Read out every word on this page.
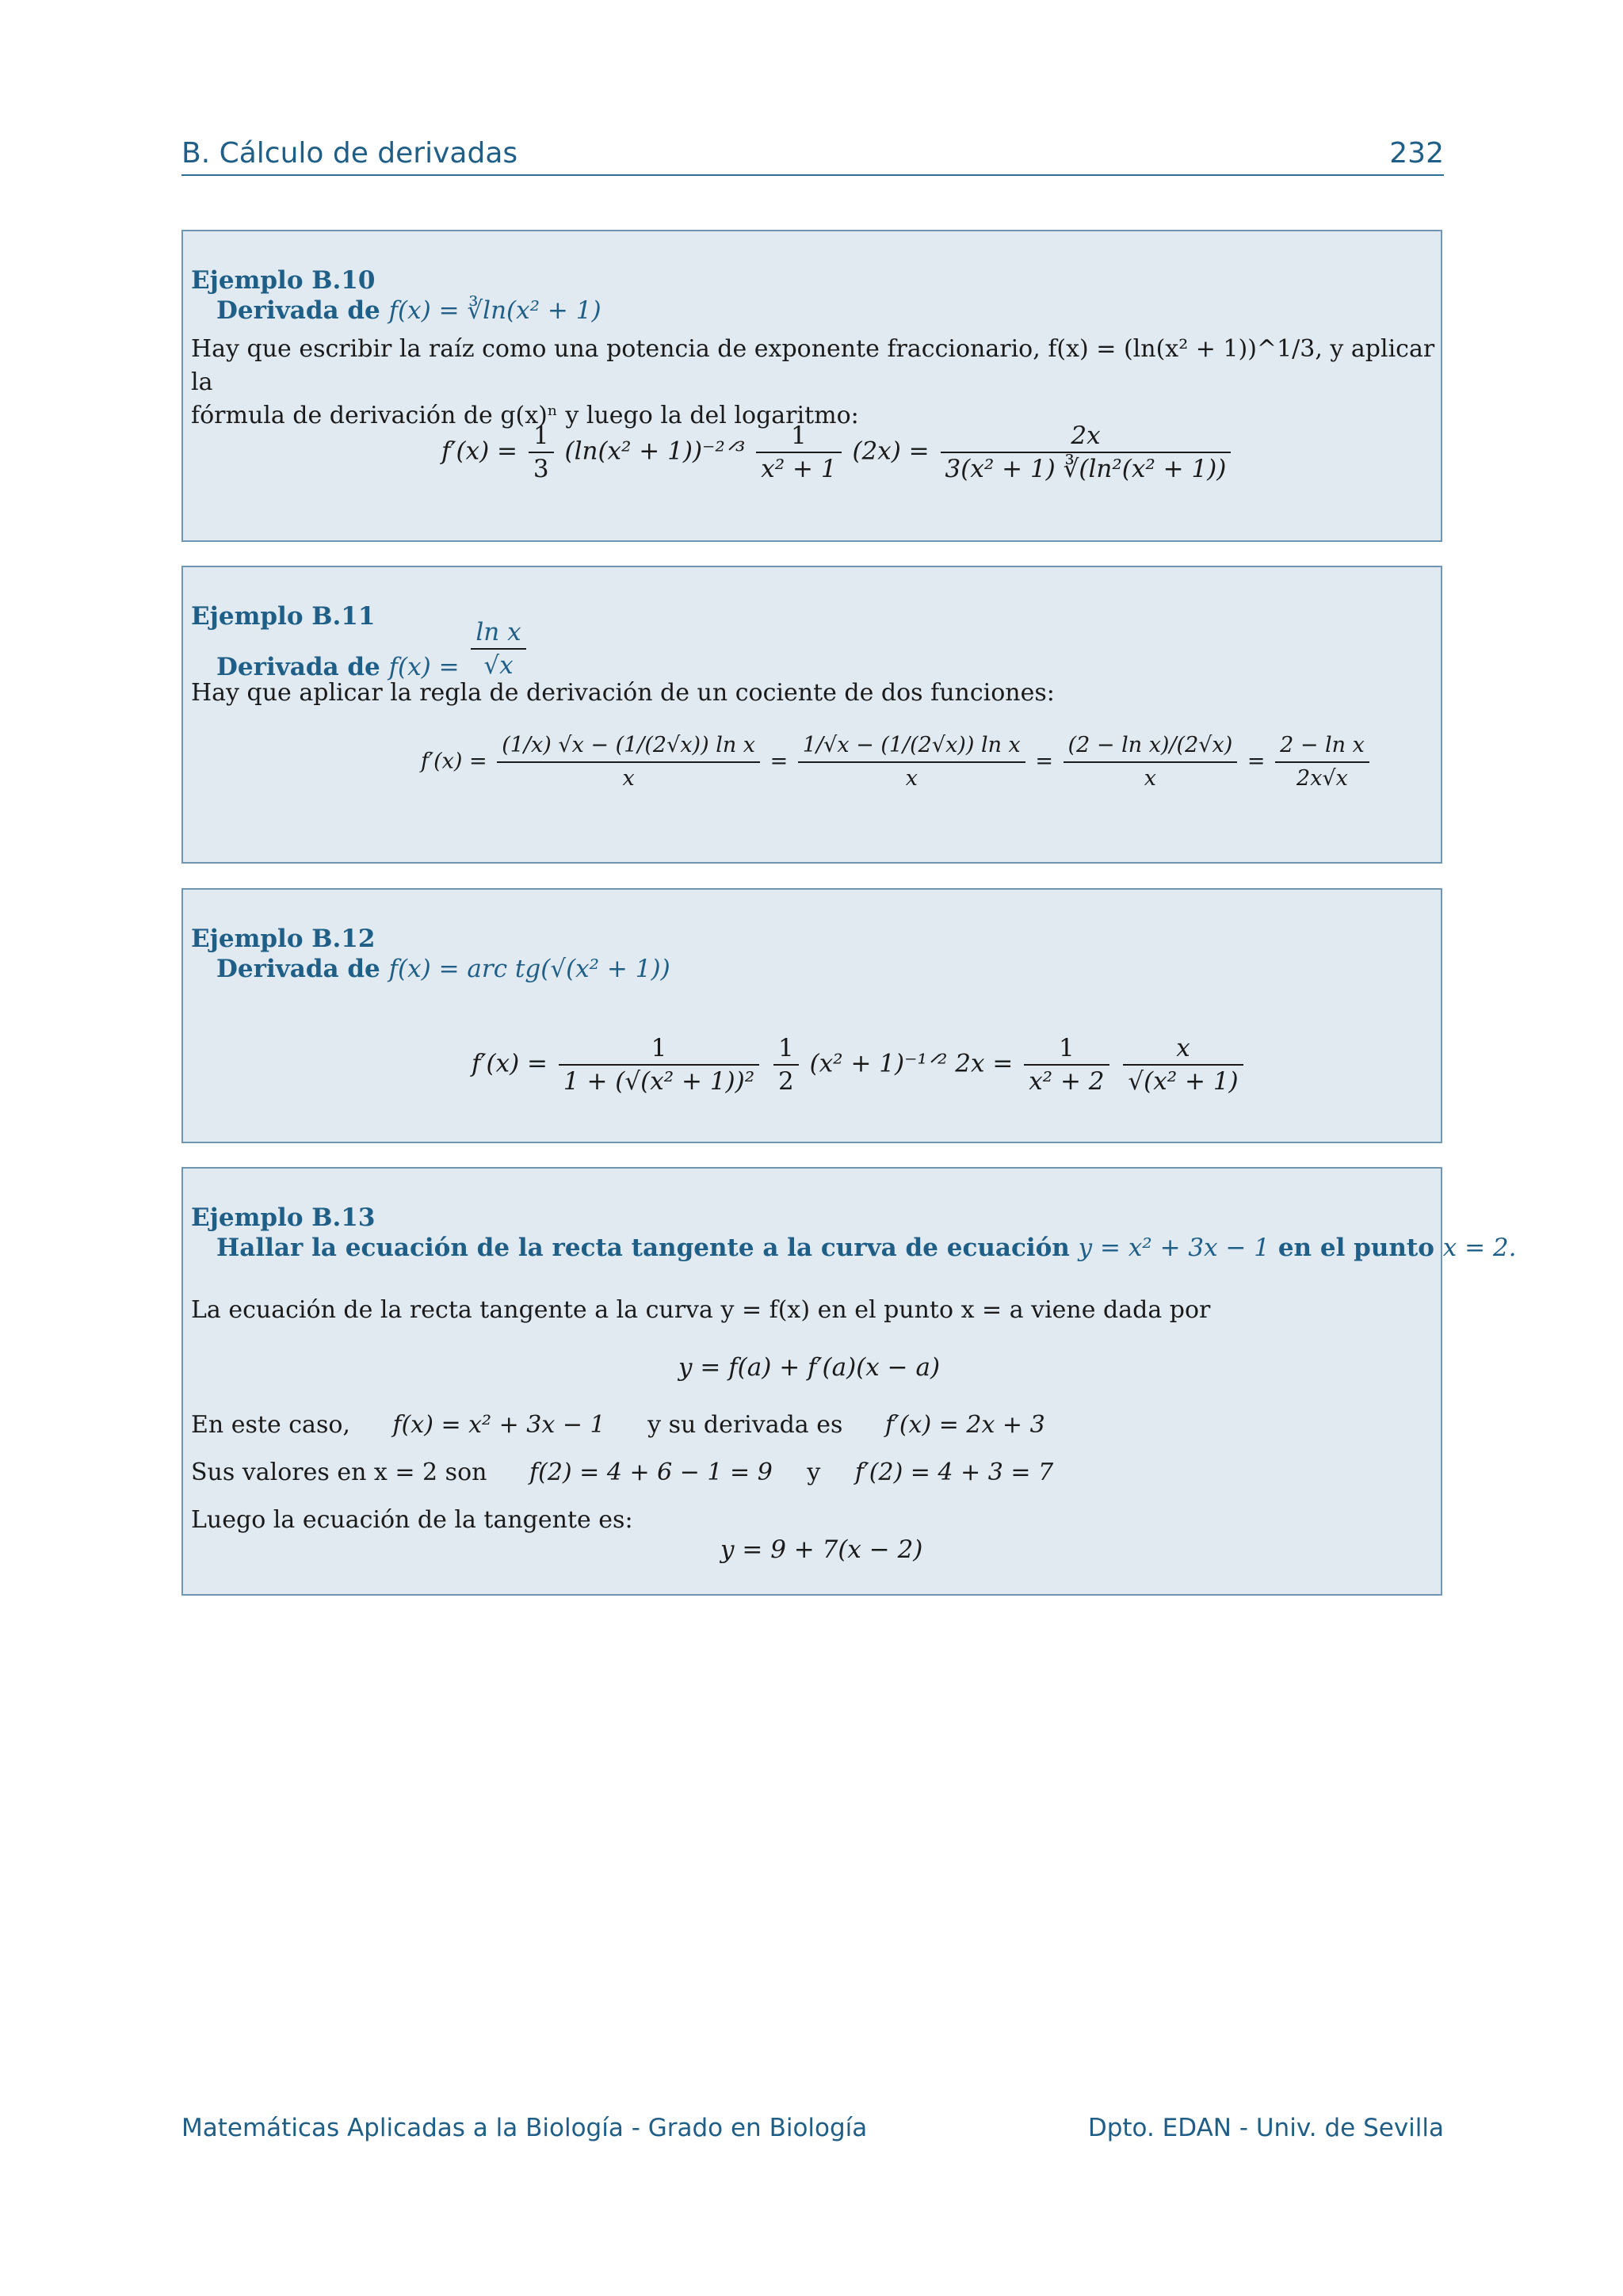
B. Cálculo de derivadas	232
Ejemplo B.10
Derivada de f(x) = ∛ln(x² + 1)
Hay que escribir la raíz como una potencia de exponente fraccionario, f(x) = (ln(x² + 1))^1/3, y aplicar la
fórmula de derivación de g(x)ⁿ y luego la del logaritmo:
$f'(x) = \frac{1}{3} (\ln(x^2$ + 1))⁻²ᐟ³ $\frac{1}{\text{x² + 1}} (2x) = \frac{2x}{\text{3(x² + 1) ∛(ln²(x² + 1))}}$
Ejemplo B.11
Derivada de $f(x) = \frac{\text{ln x}}{√x}$
Hay que aplicar la regla de derivación de un cociente de dos funciones:
$f'(x) = \frac{\text{(1/x) √x − (1/(2√x)) ln x}}{x} = \frac{\text{1/√x − (1/(2√x)) ln x}}{x} = \frac{\text{(2 − ln x)/(2√x)}}{x} = \frac{\text{2 − ln x}}{2x√x}$
Ejemplo B.12
Derivada de f(x) = arc tg(√(x² + 1))
$f'(x) = \frac{1}{\text{1 + (√(x² + 1))²}}$
$\frac{1}{2} (x^2$ + 1)⁻¹ᐟ² $2x = \frac{1}{\text{x² + 2}}$
$\frac{x}{\text{√(x² + 1)}}$
Ejemplo B.13
Hallar la ecuación de la recta tangente a la curva de ecuación y = x² + 3x − 1 en el punto x = 2.
La ecuación de la recta tangente a la curva y = f(x) en el punto x = a viene dada por
y = f(a) + f′(a)(x − a)
En este caso, f(x) = x² + 3x − 1 y su derivada es f′(x) = 2x + 3
Sus valores en x = 2 son f(2) = 4 + 6 − 1 = 9 y f′(2) = 4 + 3 = 7
Luego la ecuación de la tangente es:
y = 9 + 7(x − 2)
Matemáticas Aplicadas a la Biología - Grado en Biología	Dpto. EDAN - Univ. de Sevilla
